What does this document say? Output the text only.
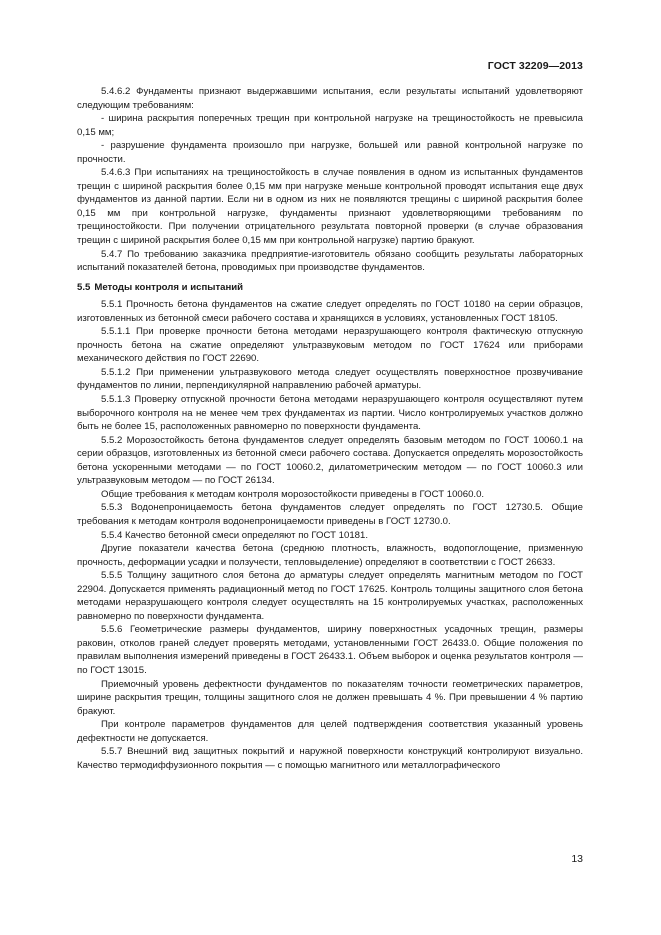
ГОСТ 32209—2013

5.4.6.2 Фундаменты признают выдержавшими испытания, если результаты испытаний удовлетворяют следующим требованиям:

- ширина раскрытия поперечных трещин при контрольной нагрузке на трещиностойкость не превысила 0,15 мм;

- разрушение фундамента произошло при нагрузке, большей или равной контрольной нагрузке по прочности.

5.4.6.3 При испытаниях на трещиностойкость в случае появления в одном из испытанных фундаментов трещин с шириной раскрытия более 0,15 мм при нагрузке меньше контрольной проводят испытания еще двух фундаментов из данной партии. Если ни в одном из них не появляются трещины с шириной раскрытия более 0,15 мм при контрольной нагрузке, фундаменты признают удовлетворяющими требованиям по трещиностойкости. При получении отрицательного результата повторной проверки (в случае образования трещин с шириной раскрытия более 0,15 мм при контрольной нагрузке) партию бракуют.

5.4.7 По требованию заказчика предприятие-изготовитель обязано сообщить результаты лабораторных испытаний показателей бетона, проводимых при производстве фундаментов.

5.5 Методы контроля и испытаний

5.5.1 Прочность бетона фундаментов на сжатие следует определять по ГОСТ 10180 на серии образцов, изготовленных из бетонной смеси рабочего состава и хранящихся в условиях, установленных ГОСТ 18105.

5.5.1.1 При проверке прочности бетона методами неразрушающего контроля фактическую отпускную прочность бетона на сжатие определяют ультразвуковым методом по ГОСТ 17624 или приборами механического действия по ГОСТ 22690.

5.5.1.2 При применении ультразвукового метода следует осуществлять поверхностное прозвучивание фундаментов по линии, перпендикулярной направлению рабочей арматуры.

5.5.1.3 Проверку отпускной прочности бетона методами неразрушающего контроля осуществляют путем выборочного контроля на не менее чем трех фундаментах из партии. Число контролируемых участков должно быть не более 15, расположенных равномерно по поверхности фундамента.

5.5.2 Морозостойкость бетона фундаментов следует определять базовым методом по ГОСТ 10060.1 на серии образцов, изготовленных из бетонной смеси рабочего состава. Допускается определять морозостойкость бетона ускоренными методами — по ГОСТ 10060.2, дилатометрическим методом — по ГОСТ 10060.3 или ультразвуковым методом — по ГОСТ 26134.

Общие требования к методам контроля морозостойкости приведены в ГОСТ 10060.0.

5.5.3 Водонепроницаемость бетона фундаментов следует определять по ГОСТ 12730.5. Общие требования к методам контроля водонепроницаемости приведены в ГОСТ 12730.0.

5.5.4 Качество бетонной смеси определяют по ГОСТ 10181.

Другие показатели качества бетона (среднюю плотность, влажность, водопоглощение, призменную прочность, деформации усадки и ползучести, тепловыделение) определяют в соответствии с ГОСТ 26633.

5.5.5 Толщину защитного слоя бетона до арматуры следует определять магнитным методом по ГОСТ 22904. Допускается применять радиационный метод по ГОСТ 17625. Контроль толщины защитного слоя бетона методами неразрушающего контроля следует осуществлять на 15 контролируемых участках, расположенных равномерно по поверхности фундамента.

5.5.6 Геометрические размеры фундаментов, ширину поверхностных усадочных трещин, размеры раковин, отколов граней следует проверять методами, установленными ГОСТ 26433.0. Общие положения по правилам выполнения измерений приведены в ГОСТ 26433.1. Объем выборок и оценка результатов контроля — по ГОСТ 13015.

Приемочный уровень дефектности фундаментов по показателям точности геометрических параметров, ширине раскрытия трещин, толщины защитного слоя не должен превышать 4 %. При превышении 4 % партию бракуют.

При контроле параметров фундаментов для целей подтверждения соответствия указанный уровень дефектности не допускается.

5.5.7 Внешний вид защитных покрытий и наружной поверхности конструкций контролируют визуально. Качество термодиффузионного покрытия — с помощью магнитного или металлографического

13
